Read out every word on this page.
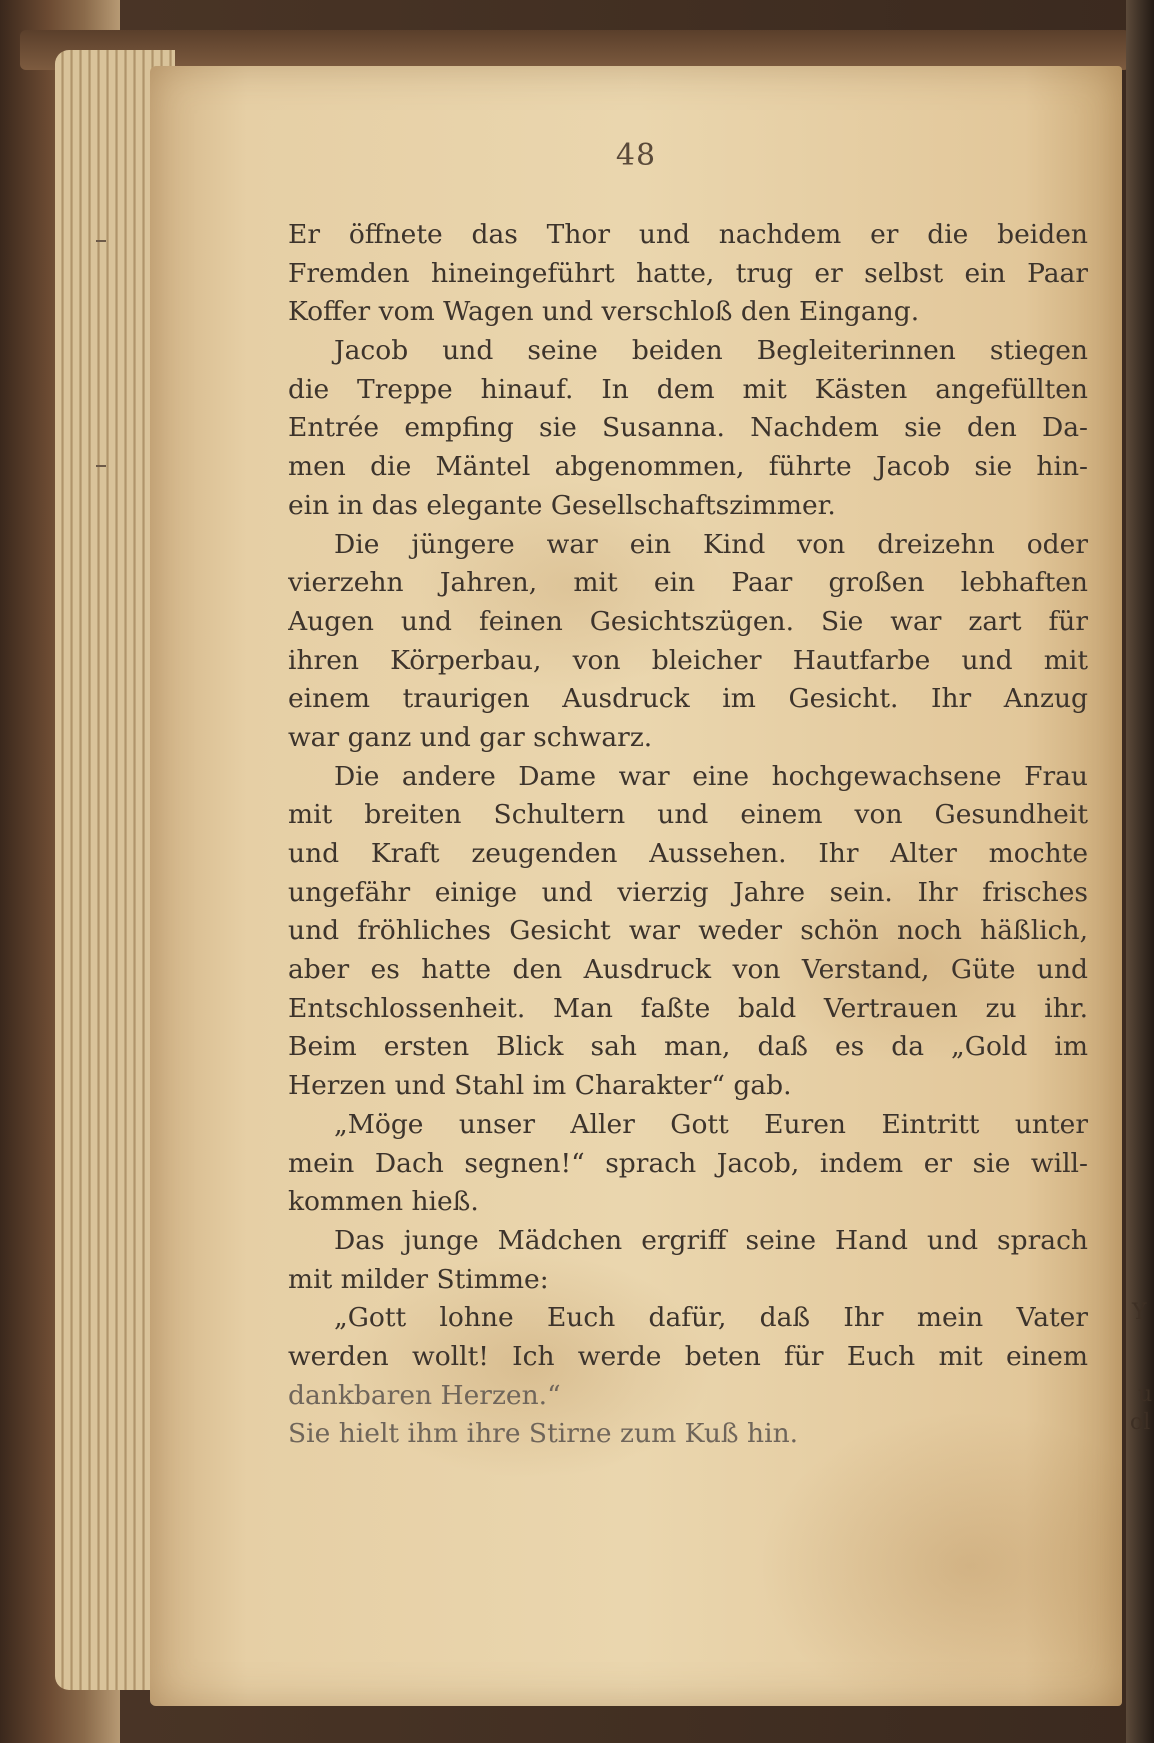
48
Er öffnete das Thor und nachdem er die beiden
Fremden hineingeführt hatte, trug er selbst ein Paar
Koffer vom Wagen und verschloß den Eingang.
Jacob und seine beiden Begleiterinnen stiegen
die Treppe hinauf. In dem mit Kästen angefüllten
Entrée empfing sie Susanna. Nachdem sie den Da-
men die Mäntel abgenommen, führte Jacob sie hin-
ein in das elegante Gesellschaftszimmer.
Die jüngere war ein Kind von dreizehn oder
vierzehn Jahren, mit ein Paar großen lebhaften
Augen und feinen Gesichtszügen. Sie war zart für
ihren Körperbau, von bleicher Hautfarbe und mit
einem traurigen Ausdruck im Gesicht. Ihr Anzug
war ganz und gar schwarz.
Die andere Dame war eine hochgewachsene Frau
mit breiten Schultern und einem von Gesundheit
und Kraft zeugenden Aussehen. Ihr Alter mochte
ungefähr einige und vierzig Jahre sein. Ihr frisches
und fröhliches Gesicht war weder schön noch häßlich,
aber es hatte den Ausdruck von Verstand, Güte und
Entschlossenheit. Man faßte bald Vertrauen zu ihr.
Beim ersten Blick sah man, daß es da „Gold im
Herzen und Stahl im Charakter“ gab.
„Möge unser Aller Gott Euren Eintritt unter
mein Dach segnen!“ sprach Jacob, indem er sie will-
kommen hieß.
Das junge Mädchen ergriff seine Hand und sprach
mit milder Stimme:
„Gott lohne Euch dafür, daß Ihr mein Vater
werden wollt! Ich werde beten für Euch mit einem
dankbaren Herzen.“
Sie hielt ihm ihre Stirne zum Kuß hin.
Y
u
ol
